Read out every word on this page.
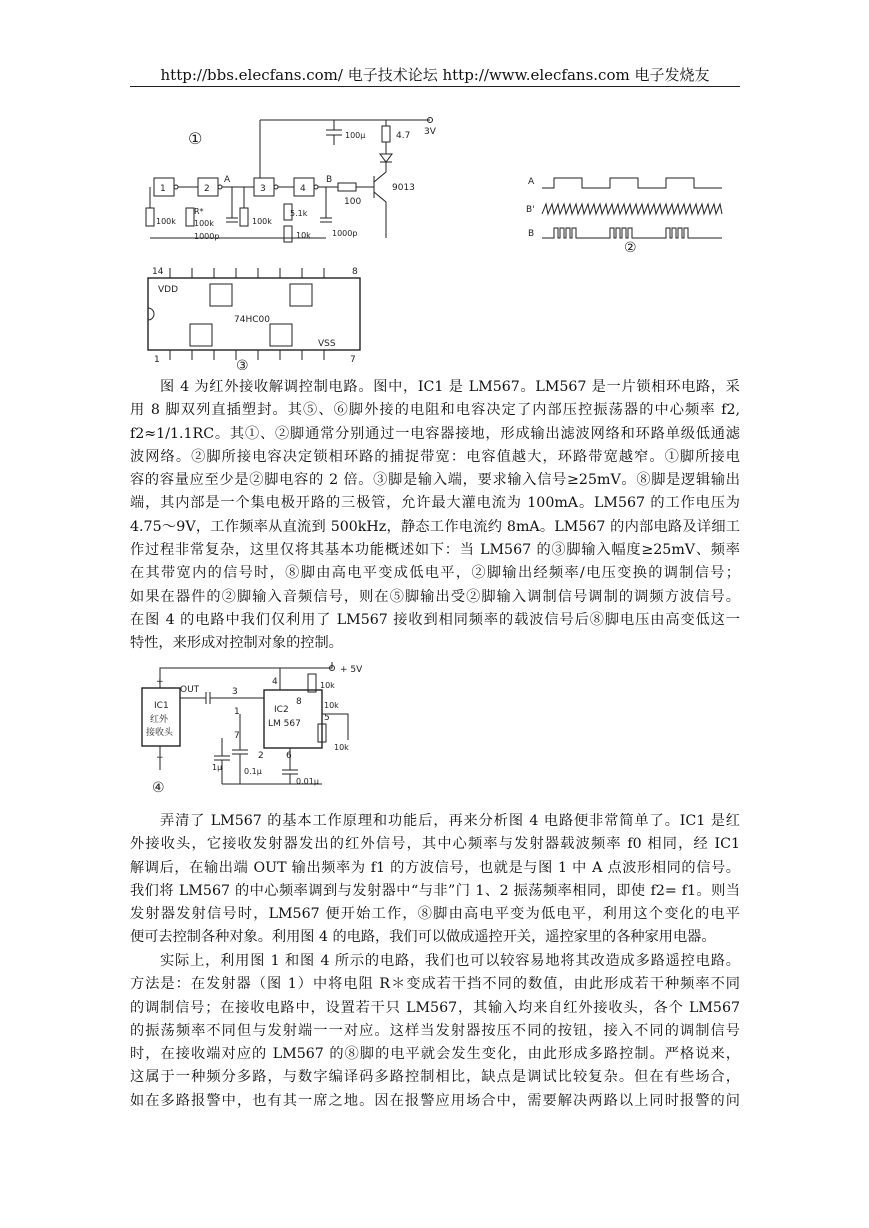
http://bbs.elecfans.com/ 电子技术论坛 http://www.elecfans.com 电子发烧友
①	3V
100μ	4.7
1	2
A
3	4
B
100
9013
100k
R*
100k
1000p
100k
5.1k
10k	1000p
A
B'
B
②
14	8
1	7
VDD
VSS
74HC00
③

图 4 为红外接收解调控制电路。图中，IC1 是 LM567。LM567 是一片锁相环电路，采
用 8 脚双列直插塑封。其⑤、⑥脚外接的电阻和电容决定了内部压控振荡器的中心频率 f2,
f2≈1/1.1RC。其①、②脚通常分别通过一电容器接地，形成输出滤波网络和环路单级低通滤
波网络。②脚所接电容决定锁相环路的捕捉带宽：电容值越大，环路带宽越窄。①脚所接电
容的容量应至少是②脚电容的 2 倍。③脚是输入端，要求输入信号≥25mV。⑧脚是逻辑输出
端，其内部是一个集电极开路的三极管，允许最大灌电流为 100mA。LM567 的工作电压为
4.75～9V，工作频率从直流到 500kHz，静态工作电流约 8mA。LM567 的内部电路及详细工
作过程非常复杂，这里仅将其基本功能概述如下：当 LM567 的③脚输入幅度≥25mV、频率
在其带宽内的信号时，⑧脚由高电平变成低电平，②脚输出经频率/电压变换的调制信号；
如果在器件的②脚输入音频信号，则在⑤脚输出受②脚输入调制信号调制的调频方波信号。
在图 4 的电路中我们仅利用了 LM567 接收到相同频率的载波信号后⑧脚电压由高变低这一
特性，来形成对控制对象的控制。

IC1
红外
接收头
+
−
+ 5V
OUT	3
IC2
LM 567
4
8
1
7
2 6
5
10k
10k
10k
0.1μ
1μ
0.01μ
④

弄清了 LM567 的基本工作原理和功能后，再来分析图 4 电路便非常简单了。IC1 是红
外接收头，它接收发射器发出的红外信号，其中心频率与发射器载波频率 f0 相同，经 IC1
解调后，在输出端 OUT 输出频率为 f1 的方波信号，也就是与图 1 中 A 点波形相同的信号。
我们将 LM567 的中心频率调到与发射器中“与非”门 1、2 振荡频率相同，即使 f2= f1。则当
发射器发射信号时，LM567 便开始工作，⑧脚由高电平变为低电平，利用这个变化的电平
便可去控制各种对象。利用图 4 的电路，我们可以做成遥控开关，遥控家里的各种家用电器。

实际上，利用图 1 和图 4 所示的电路，我们也可以较容易地将其改造成多路遥控电路。
方法是：在发射器（图 1）中将电阻 R＊变成若干挡不同的数值，由此形成若干种频率不同
的调制信号；在接收电路中，设置若干只 LM567，其输入均来自红外接收头，各个 LM567
的振荡频率不同但与发射端一一对应。这样当发射器按压不同的按钮，接入不同的调制信号
时，在接收端对应的 LM567 的⑧脚的电平就会发生变化，由此形成多路控制。严格说来，
这属于一种频分多路，与数字编译码多路控制相比，缺点是调试比较复杂。但在有些场合，
如在多路报警中，也有其一席之地。因在报警应用场合中，需要解决两路以上同时报警的问
